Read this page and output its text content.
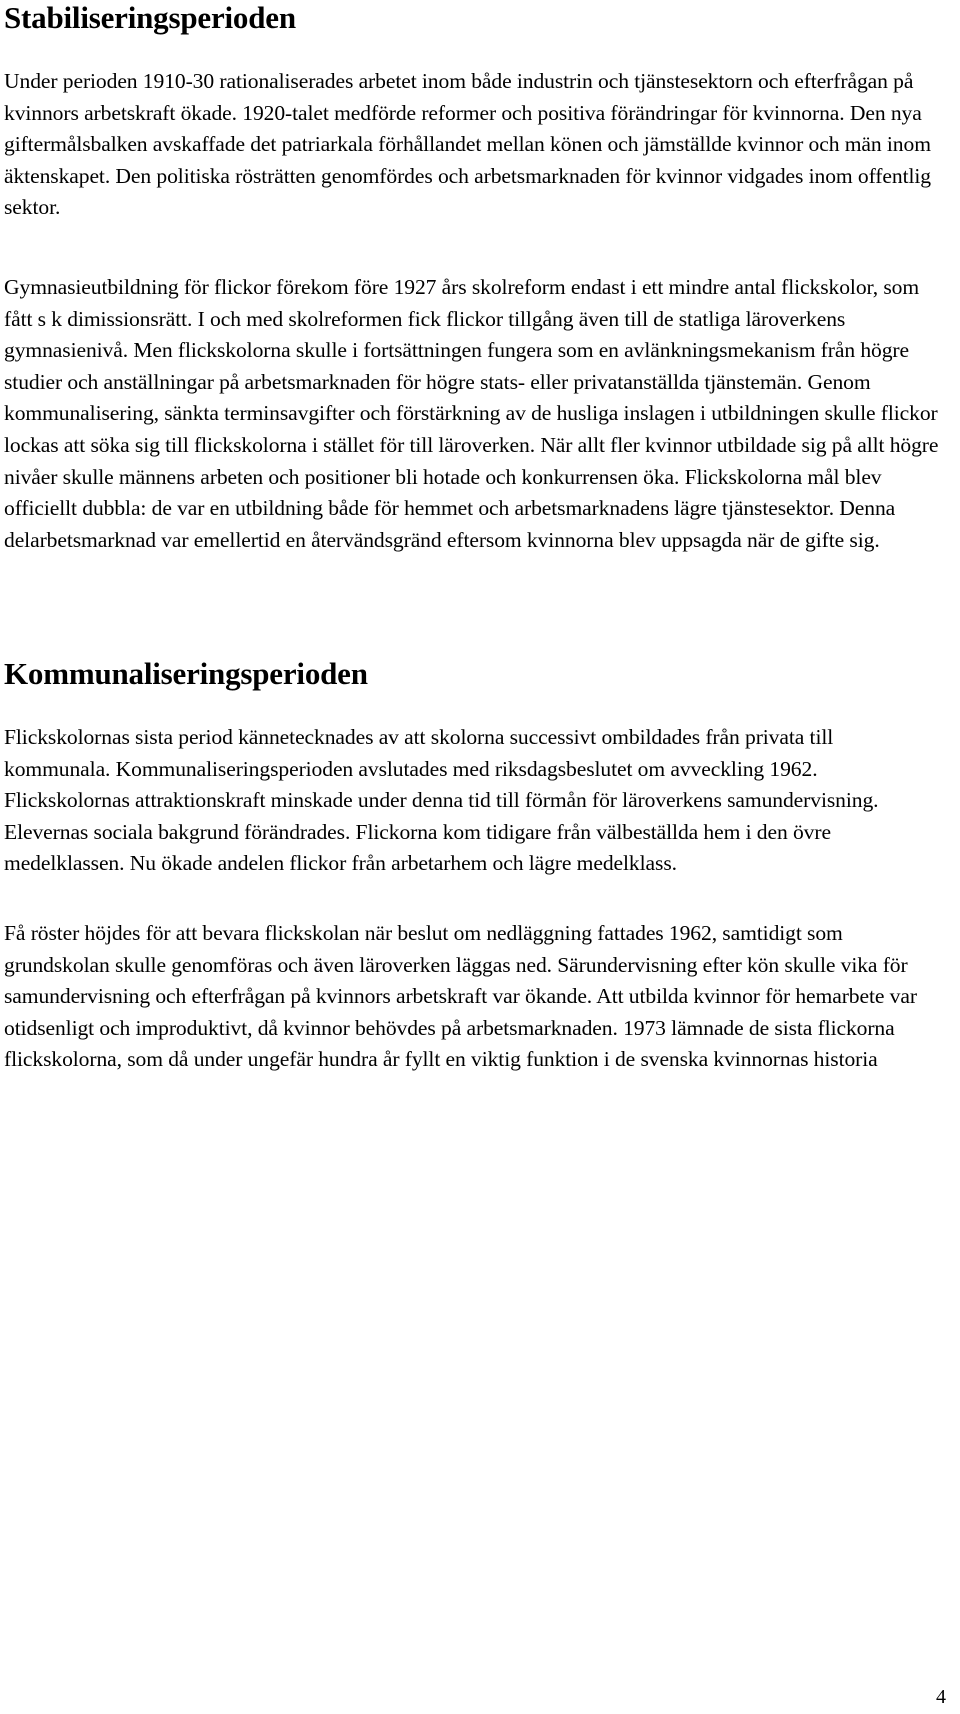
Stabiliseringsperioden

Under perioden 1910-30 rationaliserades arbetet inom både industrin och tjänstesektorn och efterfrågan på kvinnors arbetskraft ökade. 1920-talet medförde reformer och positiva förändringar för kvinnorna. Den nya giftermålsbalken avskaffade det patriarkala förhållandet mellan könen och jämställde kvinnor och män inom äktenskapet. Den politiska rösträtten genomfördes och arbetsmarknaden för kvinnor vidgades inom offentlig sektor.

Gymnasieutbildning för flickor förekom före 1927 års skolreform endast i ett mindre antal flickskolor, som fått s k dimissionsrätt. I och med skolreformen fick flickor tillgång även till de statliga läroverkens gymnasienivå. Men flickskolorna skulle i fortsättningen fungera som en avlänkningsmekanism från högre studier och anställningar på arbetsmarknaden för högre stats- eller privatanställda tjänstemän. Genom kommunalisering, sänkta terminsavgifter och förstärkning av de husliga inslagen i utbildningen skulle flickor lockas att söka sig till flickskolorna i stället för till läroverken. När allt fler kvinnor utbildade sig på allt högre nivåer skulle männens arbeten och positioner bli hotade och konkurrensen öka. Flickskolorna mål blev officiellt dubbla: de var en utbildning både för hemmet och arbetsmarknadens lägre tjänstesektor. Denna delarbetsmarknad var emellertid en återvändsgränd eftersom kvinnorna blev uppsagda när de gifte sig.

Kommunaliseringsperioden

Flickskolornas sista period kännetecknades av att skolorna successivt ombildades från privata till kommunala. Kommunaliseringsperioden avslutades med riksdagsbeslutet om avveckling 1962. Flickskolornas attraktionskraft minskade under denna tid till förmån för läroverkens samundervisning. Elevernas sociala bakgrund förändrades. Flickorna kom tidigare från välbeställda hem i den övre medelklassen. Nu ökade andelen flickor från arbetarhem och lägre medelklass.

Få röster höjdes för att bevara flickskolan när beslut om nedläggning fattades 1962, samtidigt som grundskolan skulle genomföras och även läroverken läggas ned. Särundervisning efter kön skulle vika för samundervisning och efterfrågan på kvinnors arbetskraft var ökande. Att utbilda kvinnor för hemarbete var otidsenligt och improduktivt, då kvinnor behövdes på arbetsmarknaden. 1973 lämnade de sista flickorna flickskolorna, som då under ungefär hundra år fyllt en viktig funktion i de svenska kvinnornas historia

4
